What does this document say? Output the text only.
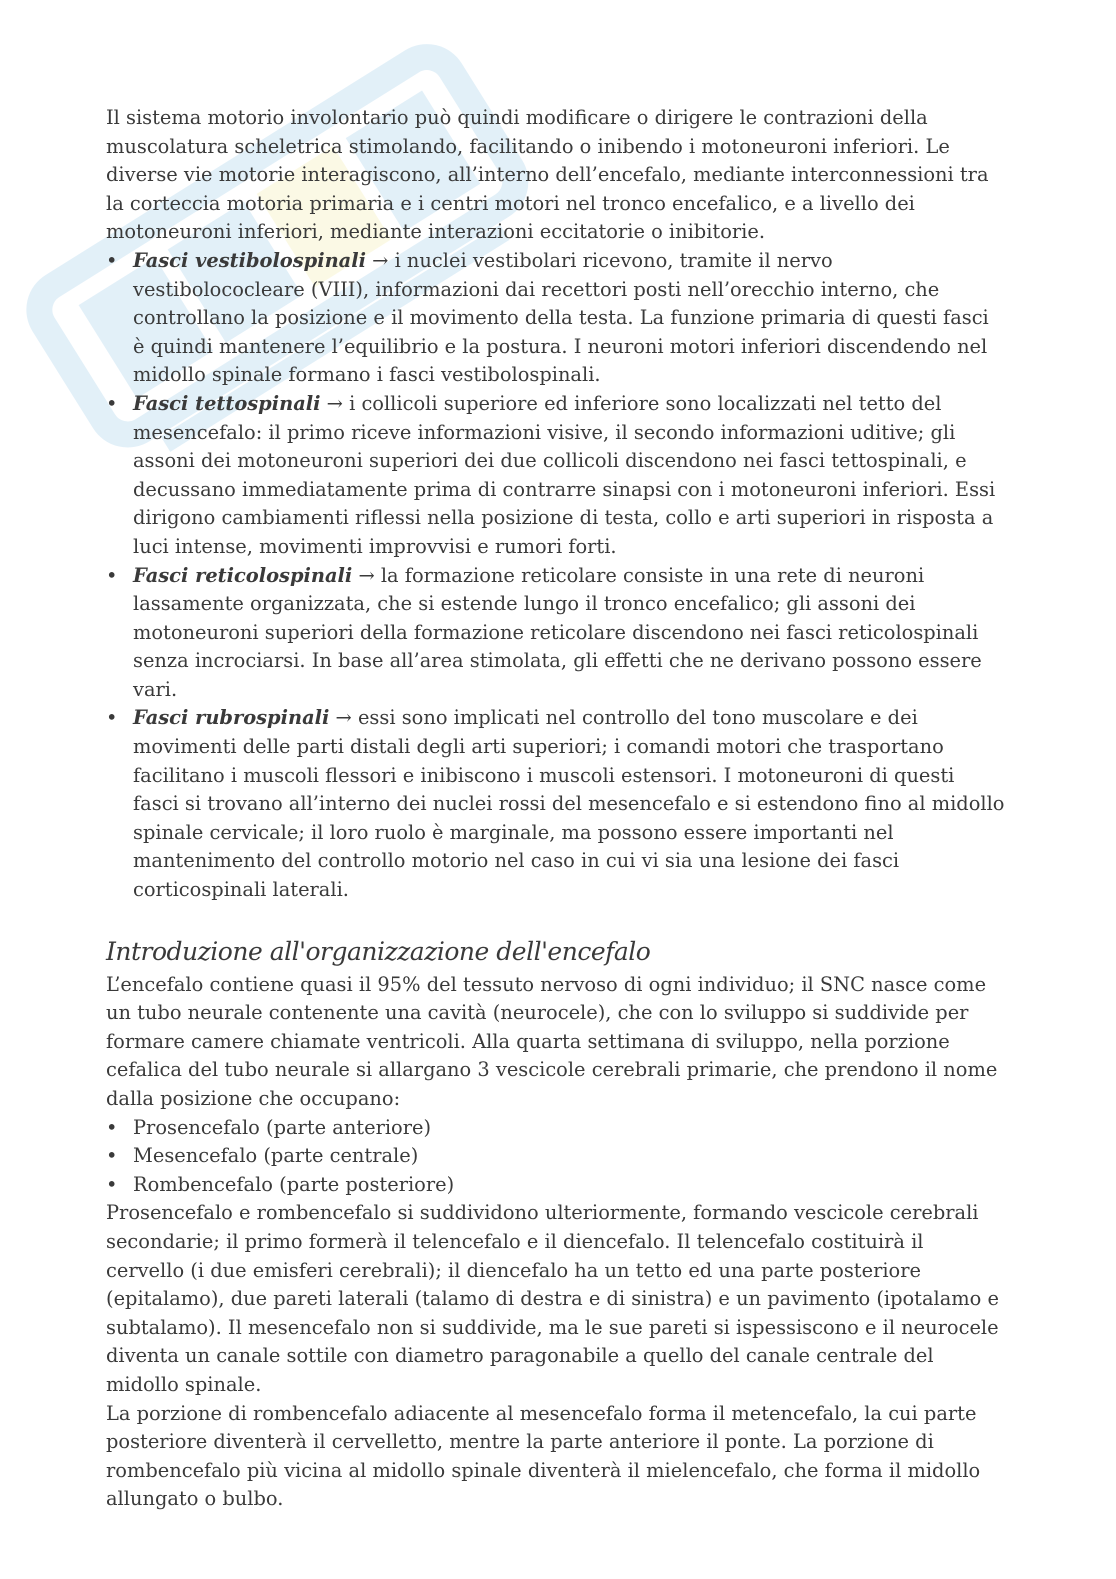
Il sistema motorio involontario può quindi modificare o dirigere le contrazioni della muscolatura scheletrica stimolando, facilitando o inibendo i motoneuroni inferiori. Le diverse vie motorie interagiscono, all’interno dell’encefalo, mediante interconnessioni tra la corteccia motoria primaria e i centri motori nel tronco encefalico, e a livello dei motoneuroni inferiori, mediante interazioni eccitatorie o inibitorie.

• Fasci vestibolospinali → i nuclei vestibolari ricevono, tramite il nervo vestibolococleare (VIII), informazioni dai recettori posti nell’orecchio interno, che controllano la posizione e il movimento della testa. La funzione primaria di questi fasci è quindi mantenere l’equilibrio e la postura. I neuroni motori inferiori discendendo nel midollo spinale formano i fasci vestibolospinali.
• Fasci tettospinali → i collicoli superiore ed inferiore sono localizzati nel tetto del mesencefalo: il primo riceve informazioni visive, il secondo informazioni uditive; gli assoni dei motoneuroni superiori dei due collicoli discendono nei fasci tettospinali, e decussano immediatamente prima di contrarre sinapsi con i motoneuroni inferiori. Essi dirigono cambiamenti riflessi nella posizione di testa, collo e arti superiori in risposta a luci intense, movimenti improvvisi e rumori forti.
• Fasci reticolospinali → la formazione reticolare consiste in una rete di neuroni lassamente organizzata, che si estende lungo il tronco encefalico; gli assoni dei motoneuroni superiori della formazione reticolare discendono nei fasci reticolospinali senza incrociarsi. In base all’area stimolata, gli effetti che ne derivano possono essere vari.
• Fasci rubrospinali → essi sono implicati nel controllo del tono muscolare e dei movimenti delle parti distali degli arti superiori; i comandi motori che trasportano facilitano i muscoli flessori e inibiscono i muscoli estensori. I motoneuroni di questi fasci si trovano all’interno dei nuclei rossi del mesencefalo e si estendono fino al midollo spinale cervicale; il loro ruolo è marginale, ma possono essere importanti nel mantenimento del controllo motorio nel caso in cui vi sia una lesione dei fasci corticospinali laterali.
Introduzione all'organizzazione dell'encefalo

L’encefalo contiene quasi il 95% del tessuto nervoso di ogni individuo; il SNC nasce come un tubo neurale contenente una cavità (neurocele), che con lo sviluppo si suddivide per formare camere chiamate ventricoli. Alla quarta settimana di sviluppo, nella porzione cefalica del tubo neurale si allargano 3 vescicole cerebrali primarie, che prendono il nome dalla posizione che occupano:

• Prosencefalo (parte anteriore)
• Mesencefalo (parte centrale)
• Rombencefalo (parte posteriore)

Prosencefalo e rombencefalo si suddividono ulteriormente, formando vescicole cerebrali secondarie; il primo formerà il telencefalo e il diencefalo. Il telencefalo costituirà il cervello (i due emisferi cerebrali); il diencefalo ha un tetto ed una parte posteriore (epitalamo), due pareti laterali (talamo di destra e di sinistra) e un pavimento (ipotalamo e subtalamo). Il mesencefalo non si suddivide, ma le sue pareti si ispessiscono e il neurocele diventa un canale sottile con diametro paragonabile a quello del canale centrale del midollo spinale.

La porzione di rombencefalo adiacente al mesencefalo forma il metencefalo, la cui parte posteriore diventerà il cervelletto, mentre la parte anteriore il ponte. La porzione di rombencefalo più vicina al midollo spinale diventerà il mielencefalo, che forma il midollo allungato o bulbo.
